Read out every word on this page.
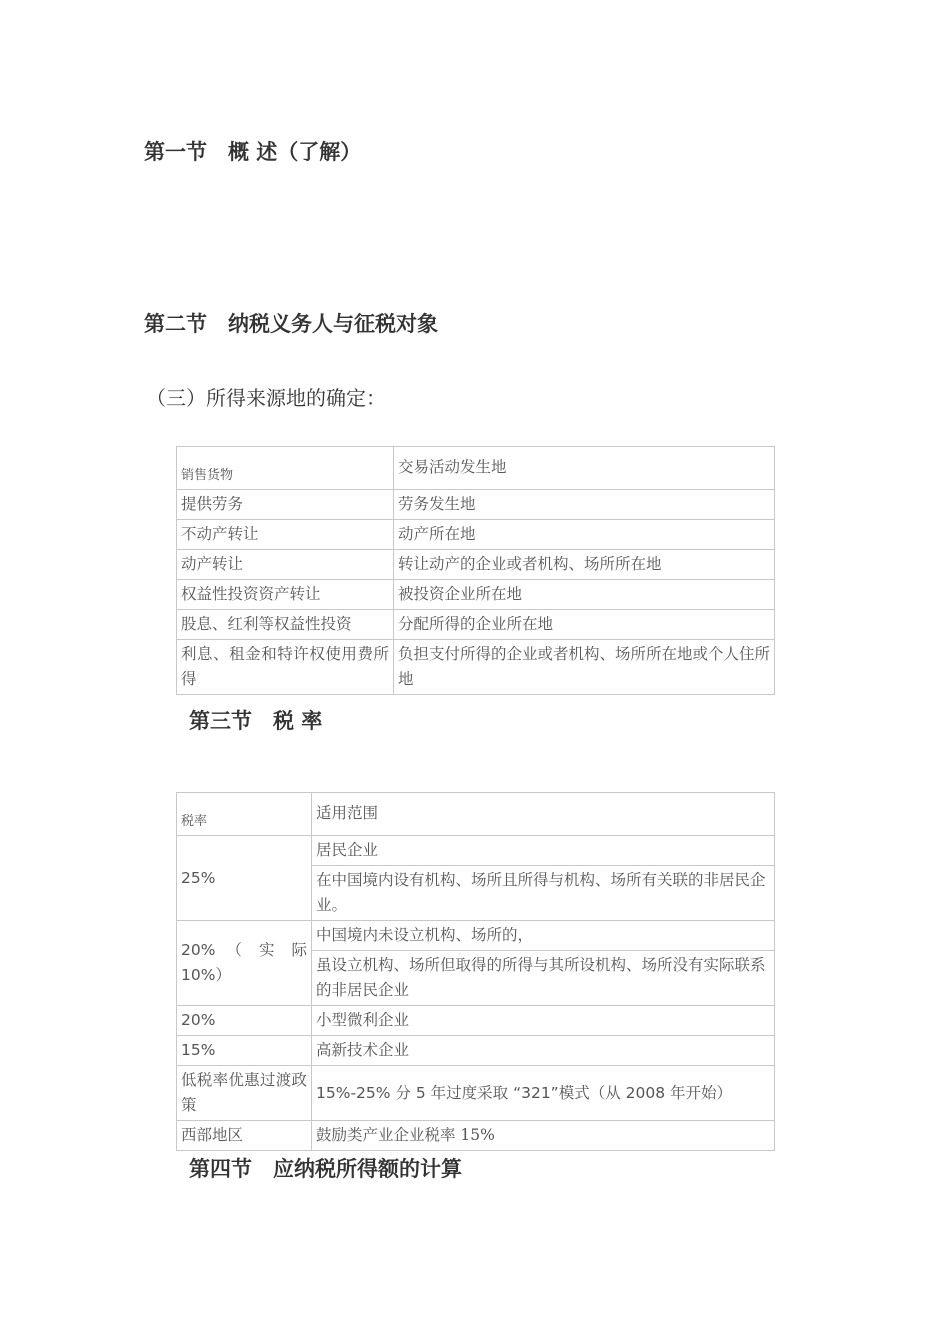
第一节　概 述（了解）
第二节　纳税义务人与征税对象

（三）所得来源地的确定：

销售货物	交易活动发生地
提供劳务	劳务发生地
不动产转让	动产所在地
动产转让	转让动产的企业或者机构、场所所在地
权益性投资资产转让	被投资企业所在地
股息、红利等权益性投资	分配所得的企业所在地
利息、租金和特许权使用费所得	负担支付所得的企业或者机构、场所所在地或个人住所地
第三节　税 率
税率	适用范围
25%	居民企业
	在中国境内设有机构、场所且所得与机构、场所有关联的非居民企业。

20% （ 实 际
10%）	中国境内未设立机构、场所的，
	虽设立机构、场所但取得的所得与其所设机构、场所没有实际联系的非居民企业
20%	小型微利企业
15%	高新技术企业
低税率优惠过渡政策	15%-25% 分 5 年过度采取 “321”模式（从 2008 年开始）
西部地区	鼓励类产业企业税率 15%
第四节　应纳税所得额的计算
